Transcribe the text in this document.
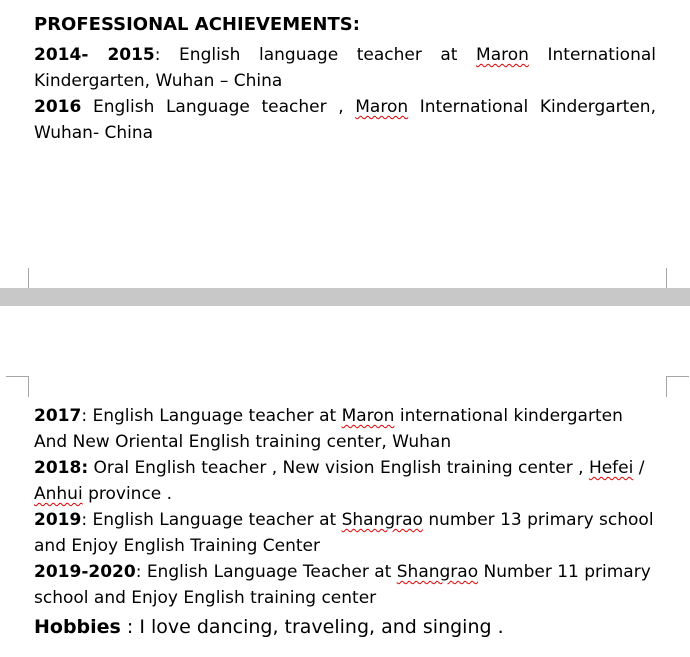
PROFESSIONAL ACHIEVEMENTS:

2014- 2015: English language teacher at Maron International Kindergarten, Wuhan – China

2016 English Language teacher , Maron International Kindergarten, Wuhan- China

2017: English Language teacher at Maron international kindergarten And New Oriental English training center, Wuhan

2018: Oral English teacher , New vision English training center , Hefei / Anhui province .

2019: English Language teacher at Shangrao number 13 primary school and Enjoy English Training Center

2019-2020: English Language Teacher at Shangrao Number 11 primary school and Enjoy English training center

Hobbies : I love dancing, traveling, and singing .
